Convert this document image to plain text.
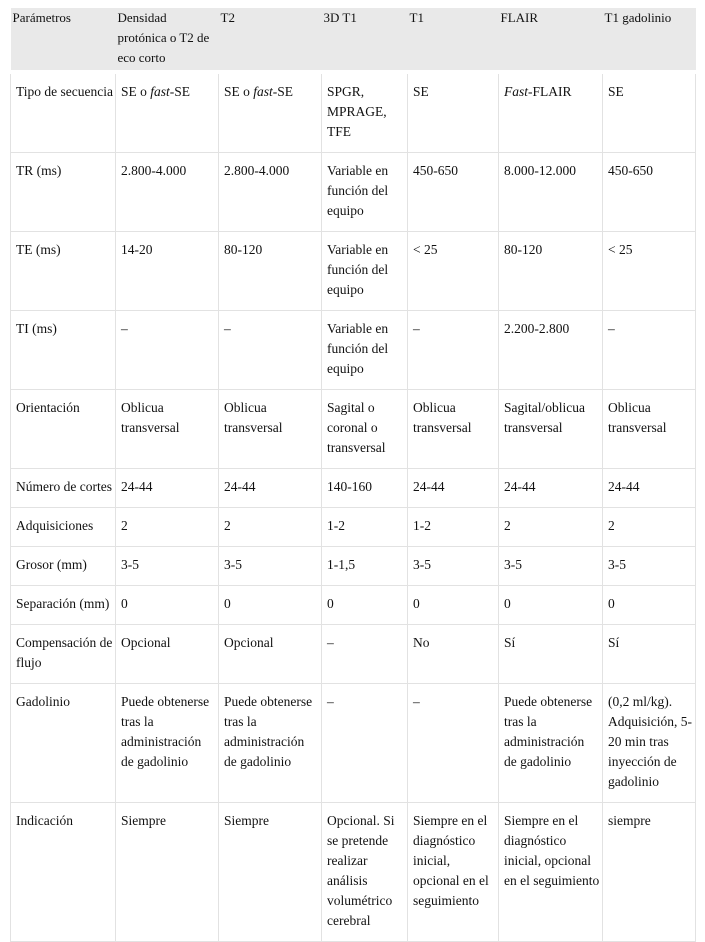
Parámetros	Densidad protónica o T2 de eco corto	T2	3D T1	T1	FLAIR	T1 gadolinio
Tipo de secuencia	SE o fast-SE	SE o fast-SE	SPGR, MPRAGE, TFE	SE	Fast-FLAIR	SE
TR (ms)	2.800-4.000	2.800-4.000	Variable en función del equipo	450-650	8.000-12.000	450-650
TE (ms)	14-20	80-120	Variable en función del equipo	< 25	80-120	< 25
TI (ms)	–	–	Variable en función del equipo	–	2.200-2.800	–
Orientación	Oblicua transversal	Oblicua transversal	Sagital o coronal o transversal	Oblicua transversal	Sagital/oblicua transversal	Oblicua transversal
Número de cortes	24-44	24-44	140-160	24-44	24-44	24-44
Adquisiciones	2	2	1-2	1-2	2	2
Grosor (mm)	3-5	3-5	1-1,5	3-5	3-5	3-5
Separación (mm)	0	0	0	0	0	0
Compensación de flujo	Opcional	Opcional	–	No	Sí	Sí
Gadolinio	Puede obtenerse tras la administración de gadolinio	Puede obtenerse tras la administración de gadolinio	–	–	Puede obtenerse tras la administración de gadolinio	(0,2 ml/kg). Adquisición, 5-20 min tras inyección de gadolinio
Indicación	Siempre	Siempre	Opcional. Si se pretende realizar análisis volumétrico cerebral	Siempre en el diagnóstico inicial, opcional en el seguimiento	Siempre en el diagnóstico inicial, opcional en el seguimiento	siempre
